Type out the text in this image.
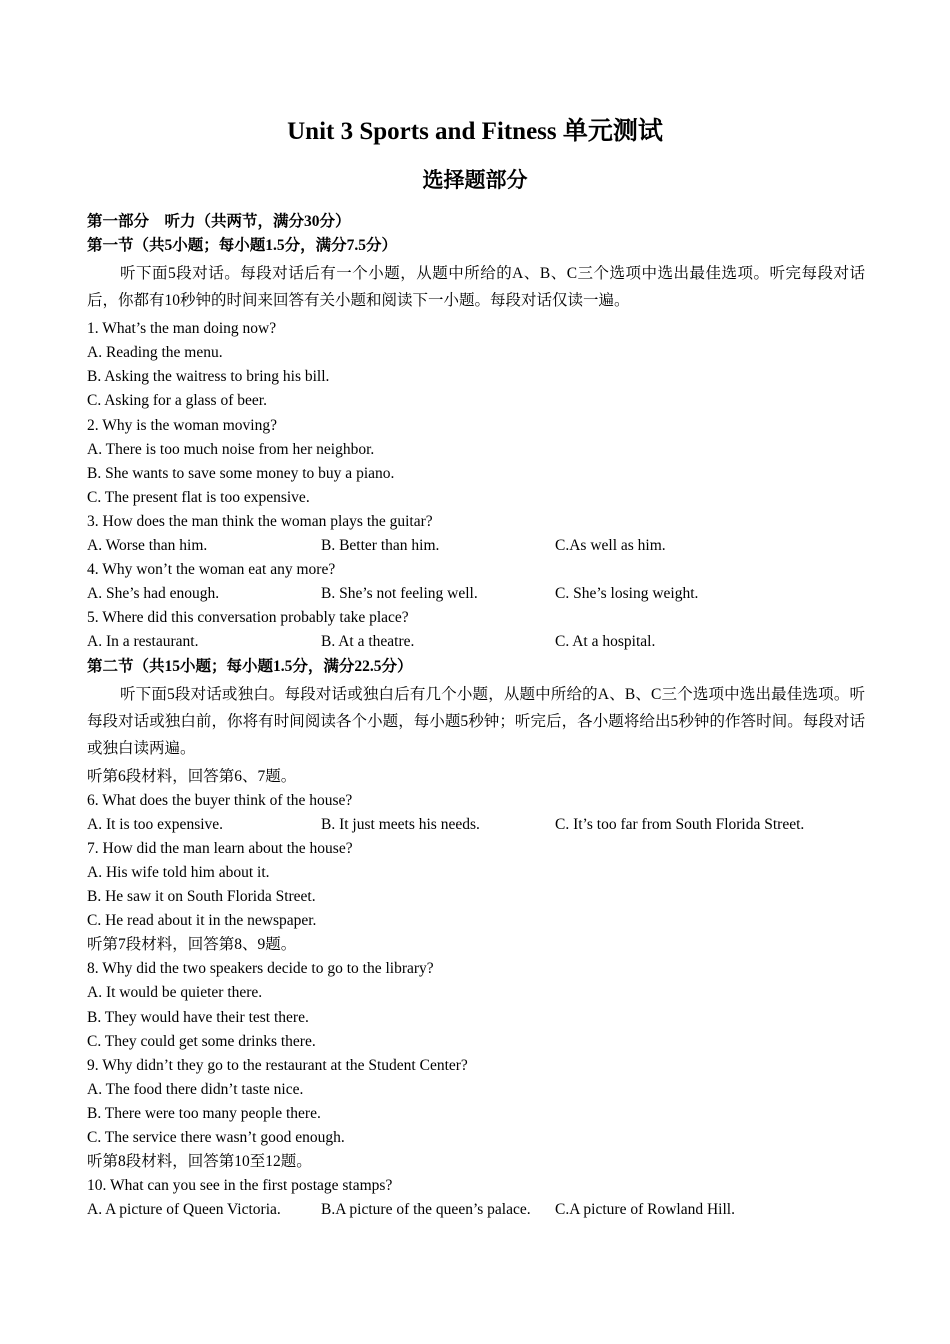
Unit 3 Sports and Fitness 单元测试
选择题部分
第一部分　听力（共两节，满分30分）
第一节（共5小题；每小题1.5分，满分7.5分）
听下面5段对话。每段对话后有一个小题，从题中所给的A、B、C三个选项中选出最佳选项。听完每段对话后，你都有10秒钟的时间来回答有关小题和阅读下一小题。每段对话仅读一遍。
1. What’s the man doing now?
A. Reading the menu.
B. Asking the waitress to bring his bill.
C. Asking for a glass of beer.
2. Why is the woman moving?
A. There is too much noise from her neighbor.
B. She wants to save some money to buy a piano.
C. The present flat is too expensive.
3. How does the man think the woman plays the guitar?
A. Worse than him.	B. Better than him.	C.As well as him.
4. Why won’t the woman eat any more?
A. She’s had enough.	B. She’s not feeling well.	C. She’s losing weight.
5. Where did this conversation probably take place?
A. In a restaurant.	B. At a theatre.	C. At a hospital.
第二节（共15小题；每小题1.5分，满分22.5分）
听下面5段对话或独白。每段对话或独白后有几个小题，从题中所给的A、B、C三个选项中选出最佳选项。听每段对话或独白前，你将有时间阅读各个小题，每小题5秒钟；听完后，各小题将给出5秒钟的作答时间。每段对话或独白读两遍。
听第6段材料，回答第6、7题。
6. What does the buyer think of the house?
A. It is too expensive.	B. It just meets his needs.	C. It’s too far from South Florida Street.
7. How did the man learn about the house?
A. His wife told him about it.
B. He saw it on South Florida Street.
C. He read about it in the newspaper.
听第7段材料，回答第8、9题。
8. Why did the two speakers decide to go to the library?
A. It would be quieter there.
B. They would have their test there.
C. They could get some drinks there.
9. Why didn’t they go to the restaurant at the Student Center?
A. The food there didn’t taste nice.
B. There were too many people there.
C. The service there wasn’t good enough.
听第8段材料，回答第10至12题。
10. What can you see in the first postage stamps?
A. A picture of Queen Victoria.	B.A picture of the queen’s palace. C.A picture of Rowland Hill.
